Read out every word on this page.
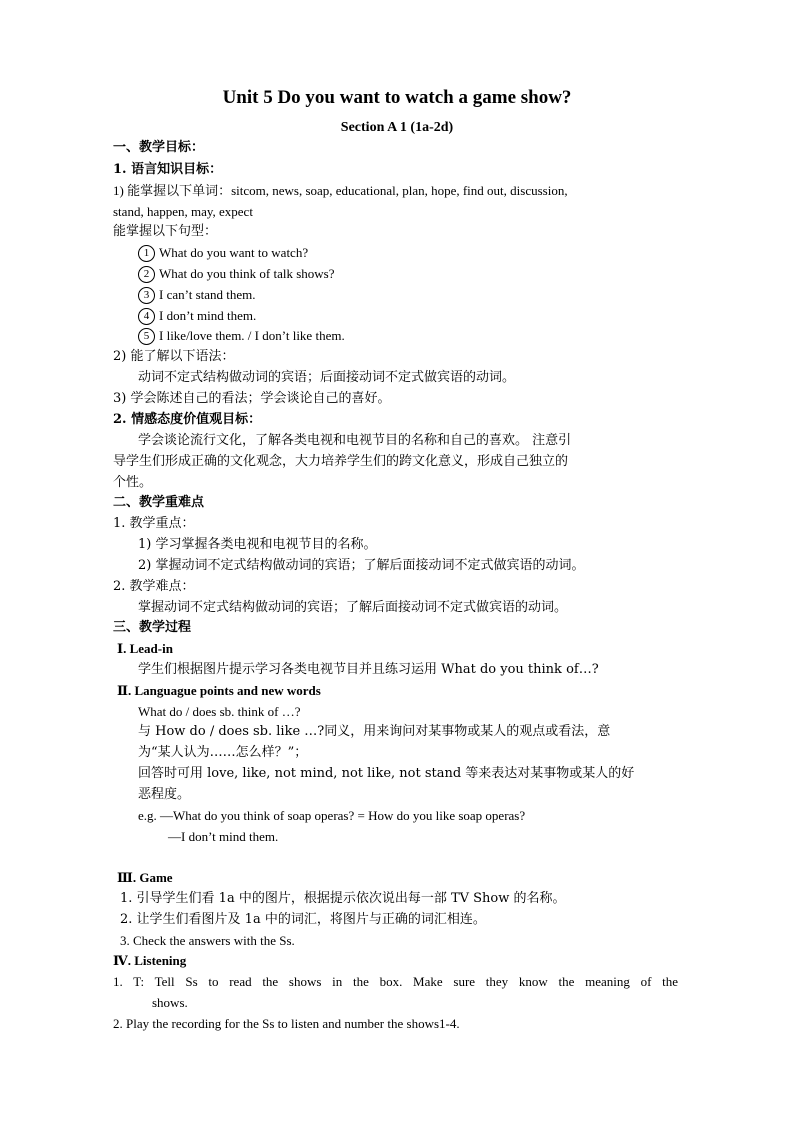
Unit 5 Do you want to watch a game show?
Section A 1 (1a-2d)
一、教学目标：
1. 语言知识目标：
1) 能掌握以下单词：sitcom, news, soap, educational, plan, hope, find out, discussion,
stand, happen, may, expect
能掌握以下句型：
1 What do you want to watch?
2 What do you think of talk shows?
3 I can’t stand them.
4 I don’t mind them.
5 I like/love them. / I don’t like them.
2) 能了解以下语法：
动词不定式结构做动词的宾语；后面接动词不定式做宾语的动词。
3) 学会陈述自己的看法；学会谈论自己的喜好。
2. 情感态度价值观目标：
学会谈论流行文化，了解各类电视和电视节目的名称和自己的喜欢。 注意引
导学生们形成正确的文化观念，大力培养学生们的跨文化意义，形成自己独立的
个性。
二、教学重难点
1. 教学重点：
1) 学习掌握各类电视和电视节目的名称。
2) 掌握动词不定式结构做动词的宾语；了解后面接动词不定式做宾语的动词。
2. 教学难点：
掌握动词不定式结构做动词的宾语；了解后面接动词不定式做宾语的动词。
三、教学过程
Ⅰ. Lead-in
学生们根据图片提示学习各类电视节目并且练习运用 What do you think of…?
Ⅱ. Languague points and new words
What do / does sb. think of …?
与 How do / does sb. like …?同义，用来询问对某事物或某人的观点或看法，意
为“某人认为……怎么样？”；
回答时可用 love, like, not mind, not like, not stand 等来表达对某事物或某人的好
恶程度。
e.g. —What do you think of soap operas? = How do you like soap operas?
—I don’t mind them.
Ⅲ. Game
1. 引导学生们看 1a 中的图片，根据提示依次说出每一部 TV Show 的名称。
2. 让学生们看图片及 1a 中的词汇，将图片与正确的词汇相连。
3. Check the answers with the Ss.
Ⅳ. Listening
1. T: Tell Ss to read the shows in the box. Make sure they know the meaning of the
shows.
2. Play the recording for the Ss to listen and number the shows1-4.
